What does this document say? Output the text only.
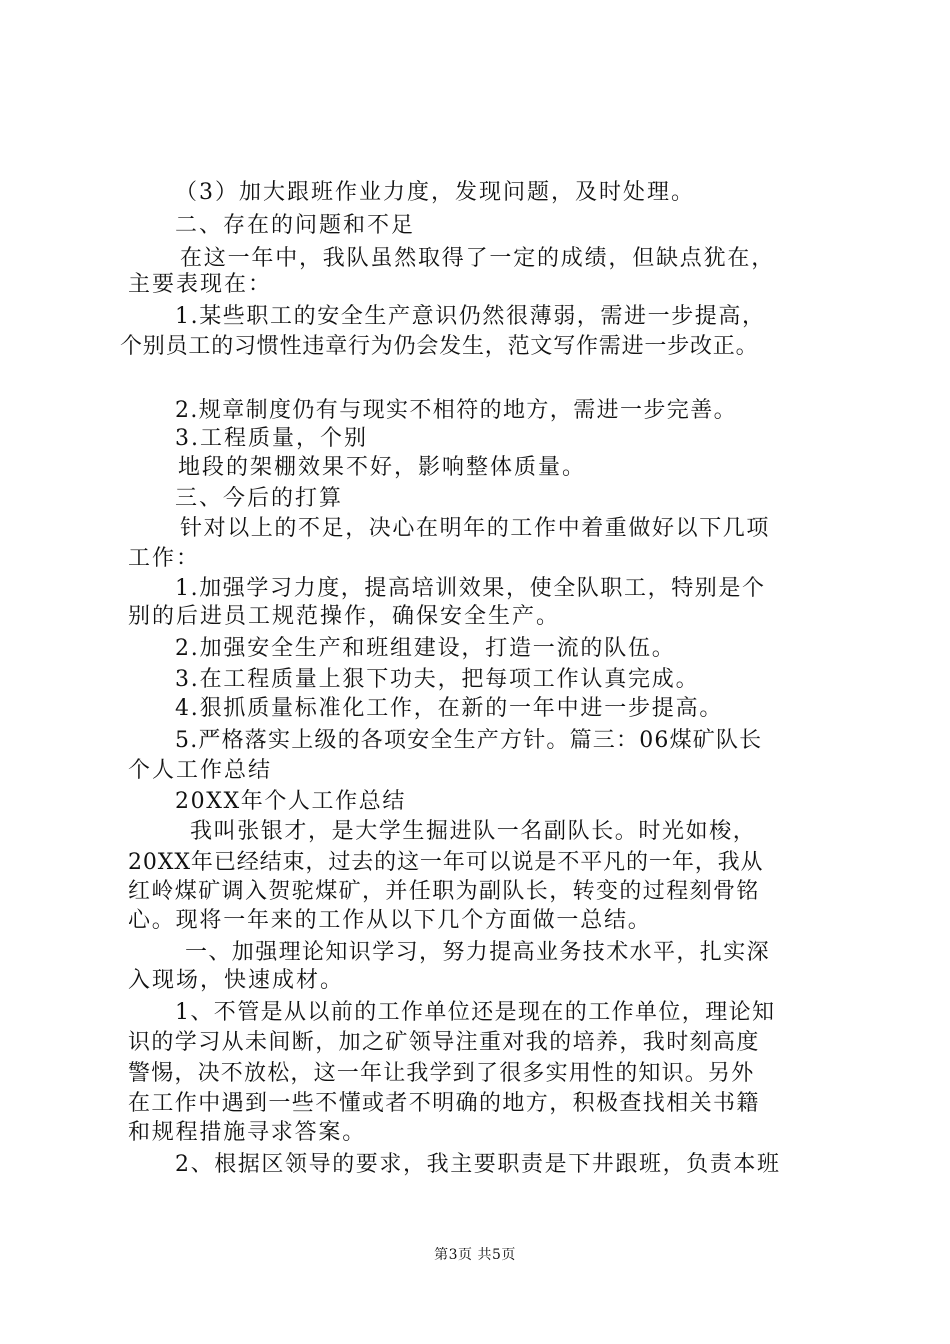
（3）加大跟班作业力度，发现问题，及时处理。
二、存在的问题和不足
在这一年中，我队虽然取得了一定的成绩，但缺点犹在，
主要表现在：
1.某些职工的安全生产意识仍然很薄弱，需进一步提高，
个别员工的习惯性违章行为仍会发生，范文写作需进一步改正。
2.规章制度仍有与现实不相符的地方，需进一步完善。
3.工程质量，个别
地段的架棚效果不好，影响整体质量。
三、今后的打算
针对以上的不足，决心在明年的工作中着重做好以下几项
工作：
1.加强学习力度，提高培训效果，使全队职工，特别是个
别的后进员工规范操作，确保安全生产。
2.加强安全生产和班组建设，打造一流的队伍。
3.在工程质量上狠下功夫，把每项工作认真完成。
4.狠抓质量标准化工作，在新的一年中进一步提高。
5.严格落实上级的各项安全生产方针。篇三：06煤矿队长
个人工作总结
20XX年个人工作总结
我叫张银才，是大学生掘进队一名副队长。时光如梭，
20XX年已经结束，过去的这一年可以说是不平凡的一年，我从
红岭煤矿调入贺驼煤矿，并任职为副队长，转变的过程刻骨铭
心。现将一年来的工作从以下几个方面做一总结。
一、加强理论知识学习，努力提高业务技术水平，扎实深
入现场，快速成材。
1、不管是从以前的工作单位还是现在的工作单位，理论知
识的学习从未间断，加之矿领导注重对我的培养，我时刻高度
警惕，决不放松，这一年让我学到了很多实用性的知识。另外
在工作中遇到一些不懂或者不明确的地方，积极查找相关书籍
和规程措施寻求答案。
2、根据区领导的要求，我主要职责是下井跟班，负责本班
第3页 共5页
